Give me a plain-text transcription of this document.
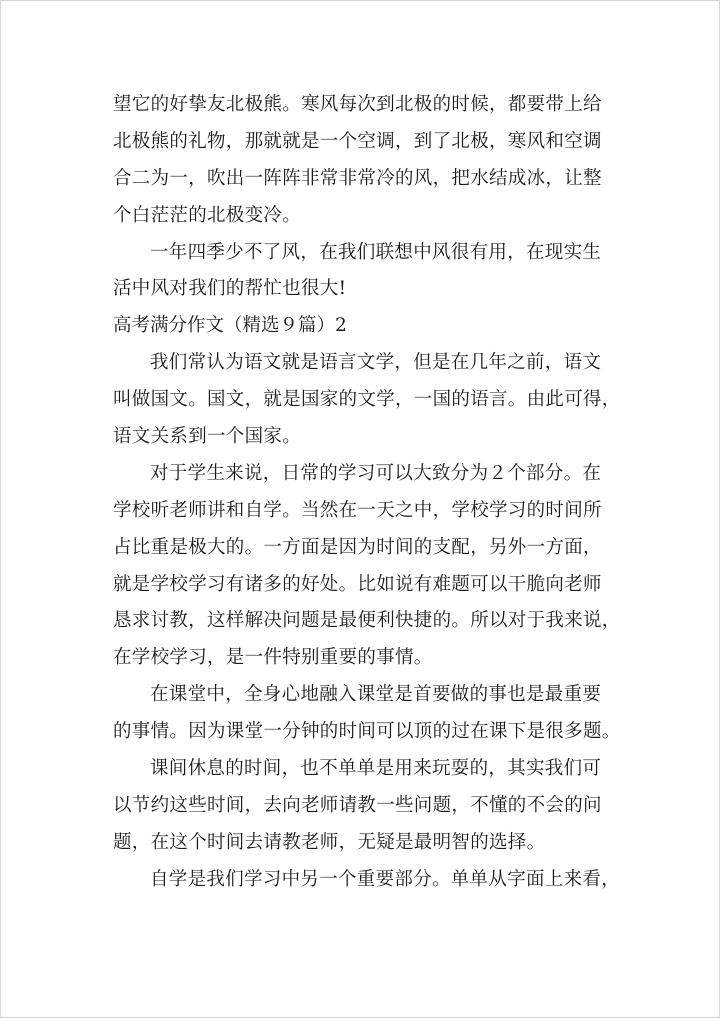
望它的好挚友北极熊。寒风每次到北极的时候，都要带上给
北极熊的礼物，那就就是一个空调，到了北极，寒风和空调
合二为一，吹出一阵阵非常非常冷的风，把水结成冰，让整
个白茫茫的北极变冷。
一年四季少不了风，在我们联想中风很有用，在现实生
活中风对我们的帮忙也很大!
高考满分作文（精选９篇）2
我们常认为语文就是语言文学，但是在几年之前，语文
叫做国文。国文，就是国家的文学，一国的语言。由此可得，
语文关系到一个国家。
对于学生来说，日常的学习可以大致分为２个部分。在
学校听老师讲和自学。当然在一天之中，学校学习的时间所
占比重是极大的。一方面是因为时间的支配，另外一方面，
就是学校学习有诸多的好处。比如说有难题可以干脆向老师
恳求讨教，这样解决问题是最便利快捷的。所以对于我来说，
在学校学习，是一件特别重要的事情。
在课堂中，全身心地融入课堂是首要做的事也是最重要
的事情。因为课堂一分钟的时间可以顶的过在课下是很多题。
课间休息的时间，也不单单是用来玩耍的，其实我们可
以节约这些时间，去向老师请教一些问题，不懂的不会的问
题，在这个时间去请教老师，无疑是最明智的选择。
自学是我们学习中另一个重要部分。单单从字面上来看，
